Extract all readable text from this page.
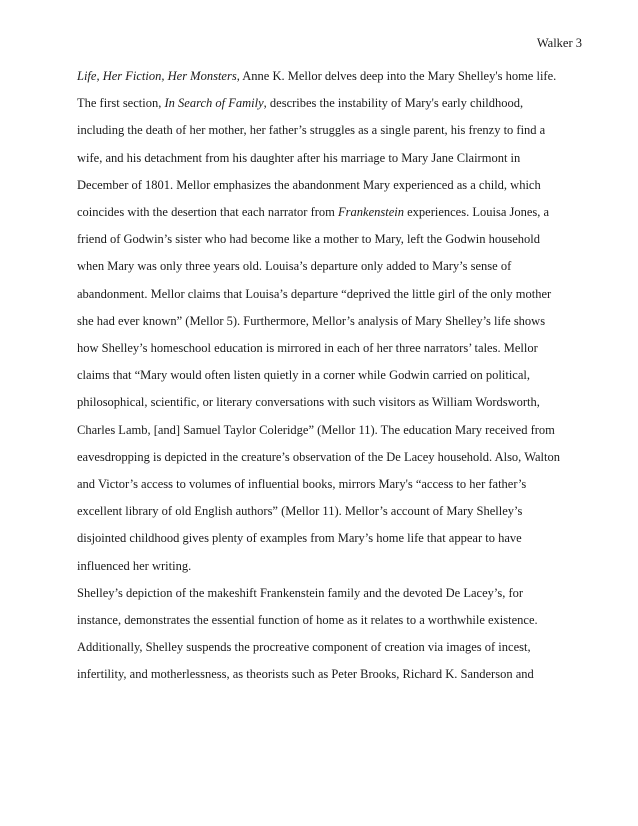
Walker 3
Life, Her Fiction, Her Monsters, Anne K. Mellor delves deep into the Mary Shelley's home life.
The first section, In Search of Family, describes the instability of Mary's early childhood,
including the death of her mother, her father’s struggles as a single parent, his frenzy to find a
wife, and his detachment from his daughter after his marriage to Mary Jane Clairmont in
December of 1801. Mellor emphasizes the abandonment Mary experienced as a child, which
coincides with the desertion that each narrator from Frankenstein experiences. Louisa Jones, a
friend of Godwin’s sister who had become like a mother to Mary, left the Godwin household
when Mary was only three years old. Louisa’s departure only added to Mary’s sense of
abandonment. Mellor claims that Louisa’s departure “deprived the little girl of the only mother
she had ever known” (Mellor 5). Furthermore, Mellor’s analysis of Mary Shelley’s life shows
how Shelley’s homeschool education is mirrored in each of her three narrators’ tales. Mellor
claims that “Mary would often listen quietly in a corner while Godwin carried on political,
philosophical, scientific, or literary conversations with such visitors as William Wordsworth,
Charles Lamb, [and] Samuel Taylor Coleridge” (Mellor 11). The education Mary received from
eavesdropping is depicted in the creature’s observation of the De Lacey household. Also, Walton
and Victor’s access to volumes of influential books, mirrors Mary's “access to her father’s
excellent library of old English authors” (Mellor 11). Mellor’s account of Mary Shelley’s
disjointed childhood gives plenty of examples from Mary’s home life that appear to have
influenced her writing.
Shelley’s depiction of the makeshift Frankenstein family and the devoted De Lacey’s, for
instance, demonstrates the essential function of home as it relates to a worthwhile existence.
Additionally, Shelley suspends the procreative component of creation via images of incest,
infertility, and motherlessness, as theorists such as Peter Brooks, Richard K. Sanderson and
